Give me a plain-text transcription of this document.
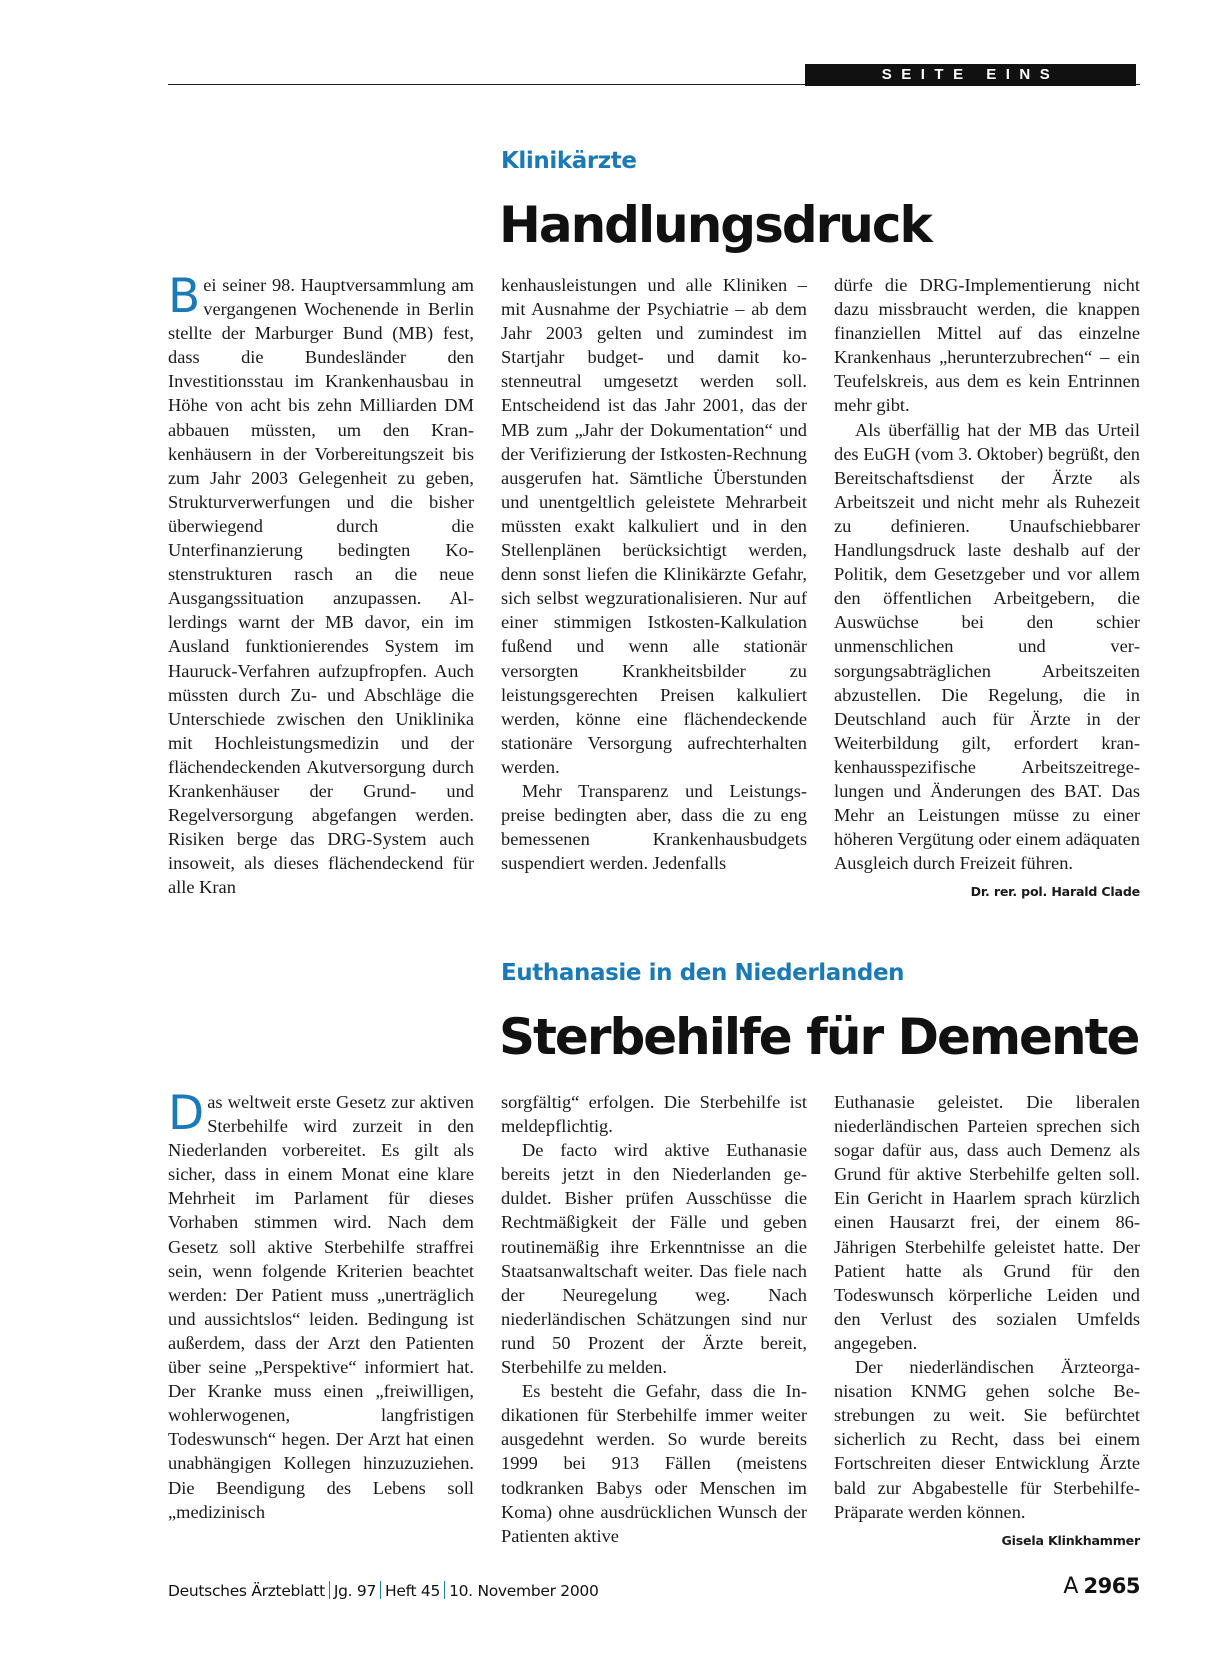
SEITE EINS
Klinikärzte
Handlungsdruck

Bei seiner 98. Hauptversammlung am vergangenen Wochenende in Berlin stellte der Marburger Bund (MB) fest, dass die Bundesländer den Investitionsstau im Krankenhausbau in Höhe von acht bis zehn Milliarden DM abbauen müssten, um den Krankenhäusern in der Vorbereitungszeit bis zum Jahr 2003 Gelegenheit zu geben, Strukturverwerfungen und die bisher überwiegend durch die Unterfinanzierung bedingten Kostenstrukturen rasch an die neue Ausgangssituation anzupassen. Allerdings warnt der MB davor, ein im Ausland funktionierendes System im Hauruck-Verfahren aufzupfropfen. Auch müssten durch Zu- und Abschläge die Unterschiede zwischen den Uniklinika mit Hochleistungsmedizin und der flächendeckenden Akutversorgung durch Krankenhäuser der Grund- und Regelversorgung abgefangen werden. Risiken berge das DRG-System auch insoweit, als dieses flächendeckend für alle Kran

kenhausleistungen und alle Kliniken – mit Ausnahme der Psychiatrie – ab dem Jahr 2003 gelten und zumindest im Startjahr budget- und damit kostenneutral umgesetzt werden soll. Entscheidend ist das Jahr 2001, das der MB zum „Jahr der Dokumentation“ und der Verifizierung der Istkosten-Rechnung ausgerufen hat. Sämtliche Überstunden und unentgeltlich geleistete Mehrarbeit müssten exakt kalkuliert und in den Stellenplänen berücksichtigt werden, denn sonst liefen die Klinikärzte Gefahr, sich selbst wegzurationalisieren. Nur auf einer stimmigen Istkosten-Kalkulation fußend und wenn alle stationär versorgten Krankheitsbilder zu leistungsgerechten Preisen kalkuliert werden, könne eine flächendeckende stationäre Versorgung aufrechterhalten werden.

Mehr Transparenz und Leistungspreise bedingten aber, dass die zu eng bemessenen Krankenhausbudgets suspendiert werden. Jedenfalls

dürfe die DRG-Implementierung nicht dazu missbraucht werden, die knappen finanziellen Mittel auf das einzelne Krankenhaus „herunterzubrechen“ – ein Teufelskreis, aus dem es kein Entrinnen mehr gibt.

Als überfällig hat der MB das Urteil des EuGH (vom 3. Oktober) begrüßt, den Bereitschaftsdienst der Ärzte als Arbeitszeit und nicht mehr als Ruhezeit zu definieren. Unaufschiebbarer Handlungsdruck laste deshalb auf der Politik, dem Gesetzgeber und vor allem den öffentlichen Arbeitgebern, die Auswüchse bei den schier unmenschlichen und versorgungsabträglichen Arbeitszeiten abzustellen. Die Regelung, die in Deutschland auch für Ärzte in der Weiterbildung gilt, erfordert krankenhausspezifische Arbeitszeitregelungen und Änderungen des BAT. Das Mehr an Leistungen müsse zu einer höheren Vergütung oder einem adäquaten Ausgleich durch Freizeit führen.
Dr. rer. pol. Harald Clade

Euthanasie in den Niederlanden
Sterbehilfe für Demente

Das weltweit erste Gesetz zur aktiven Sterbehilfe wird zurzeit in den Niederlanden vorbereitet. Es gilt als sicher, dass in einem Monat eine klare Mehrheit im Parlament für dieses Vorhaben stimmen wird. Nach dem Gesetz soll aktive Sterbehilfe straffrei sein, wenn folgende Kriterien beachtet werden: Der Patient muss „unerträglich und aussichtslos“ leiden. Bedingung ist außerdem, dass der Arzt den Patienten über seine „Perspektive“ informiert hat. Der Kranke muss einen „freiwilligen, wohlerwogenen, langfristigen Todeswunsch“ hegen. Der Arzt hat einen unabhängigen Kollegen hinzuzuziehen. Die Beendigung des Lebens soll „medizinisch

sorgfältig“ erfolgen. Die Sterbehilfe ist meldepflichtig.

De facto wird aktive Euthanasie bereits jetzt in den Niederlanden geduldet. Bisher prüfen Ausschüsse die Rechtmäßigkeit der Fälle und geben routinemäßig ihre Erkenntnisse an die Staatsanwaltschaft weiter. Das fiele nach der Neuregelung weg. Nach niederländischen Schätzungen sind nur rund 50 Prozent der Ärzte bereit, Sterbehilfe zu melden.

Es besteht die Gefahr, dass die Indikationen für Sterbehilfe immer weiter ausgedehnt werden. So wurde bereits 1999 bei 913 Fällen (meistens todkranken Babys oder Menschen im Koma) ohne ausdrücklichen Wunsch der Patienten aktive

Euthanasie geleistet. Die liberalen niederländischen Parteien sprechen sich sogar dafür aus, dass auch Demenz als Grund für aktive Sterbehilfe gelten soll. Ein Gericht in Haarlem sprach kürzlich einen Hausarzt frei, der einem 86-Jährigen Sterbehilfe geleistet hatte. Der Patient hatte als Grund für den Todeswunsch körperliche Leiden und den Verlust des sozialen Umfelds angegeben.

Der niederländischen Ärzteorganisation KNMG gehen solche Bestrebungen zu weit. Sie befürchtet sicherlich zu Recht, dass bei einem Fortschreiten dieser Entwicklung Ärzte bald zur Abgabestelle für Sterbehilfe-Präparate werden können.
Gisela Klinkhammer

Deutsches Ärzteblatt Jg. 97 Heft 45 10. November 2000	A 2965
